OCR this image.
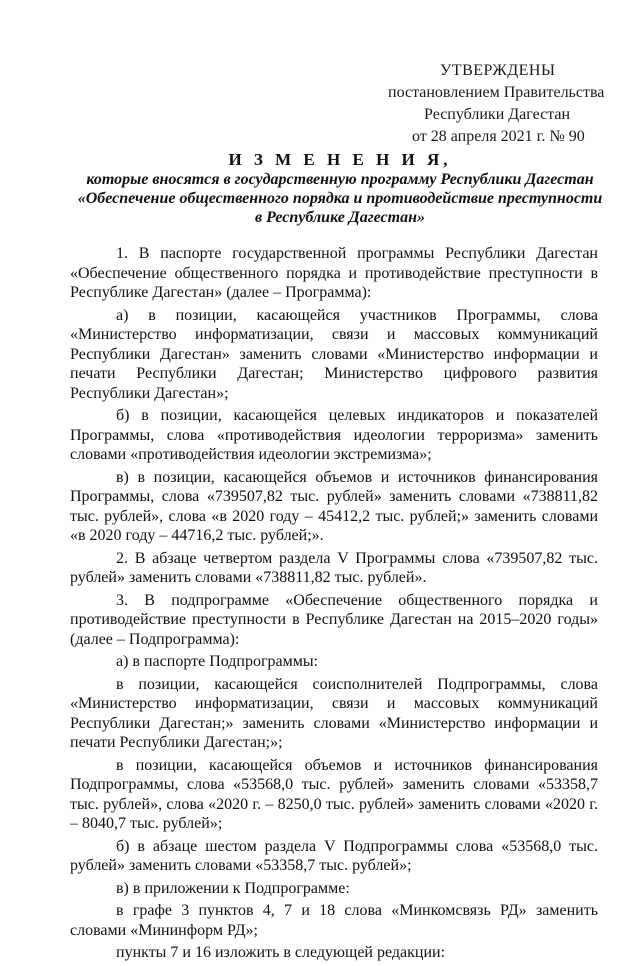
УТВЕРЖДЕНЫ
постановлением Правительства
Республики Дагестан
от 28 апреля 2021 г. № 90
И З М Е Н Е Н И Я,
которые вносятся в государственную программу Республики Дагестан
«Обеспечение общественного порядка и противодействие преступности
в Республике Дагестан»

1. В паспорте государственной программы Республики Дагестан «Обеспечение общественного порядка и противодействие преступности в Республике Дагестан» (далее – Программа):

а) в позиции, касающейся участников Программы, слова «Министерство информатизации, связи и массовых коммуникаций Республики Дагестан» заменить словами «Министерство информации и печати Республики Дагестан; Министерство цифрового развития Республики Дагестан»;

б) в позиции, касающейся целевых индикаторов и показателей Программы, слова «противодействия идеологии терроризма» заменить словами «противодействия идеологии экстремизма»;

в) в позиции, касающейся объемов и источников финансирования Программы, слова «739507,82 тыс. рублей» заменить словами «738811,82 тыс. рублей», слова «в 2020 году – 45412,2 тыс. рублей;» заменить словами «в 2020 году – 44716,2 тыс. рублей;».

2. В абзаце четвертом раздела V Программы слова «739507,82 тыс. рублей» заменить словами «738811,82 тыс. рублей».

3. В подпрограмме «Обеспечение общественного порядка и противодействие преступности в Республике Дагестан на 2015–2020 годы» (далее – Подпрограмма):

а) в паспорте Подпрограммы:

в позиции, касающейся соисполнителей Подпрограммы, слова «Министерство информатизации, связи и массовых коммуникаций Республики Дагестан;» заменить словами «Министерство информации и печати Республики Дагестан;»;

в позиции, касающейся объемов и источников финансирования Подпрограммы, слова «53568,0 тыс. рублей» заменить словами «53358,7 тыс. рублей», слова «2020 г. – 8250,0 тыс. рублей» заменить словами «2020 г. – 8040,7 тыс. рублей»;

б) в абзаце шестом раздела V Подпрограммы слова «53568,0 тыс. рублей» заменить словами «53358,7 тыс. рублей»;

в) в приложении к Подпрограмме:

в графе 3 пунктов 4, 7 и 18 слова «Минкомсвязь РД» заменить словами «Мининформ РД»;

пункты 7 и 16 изложить в следующей редакции:
